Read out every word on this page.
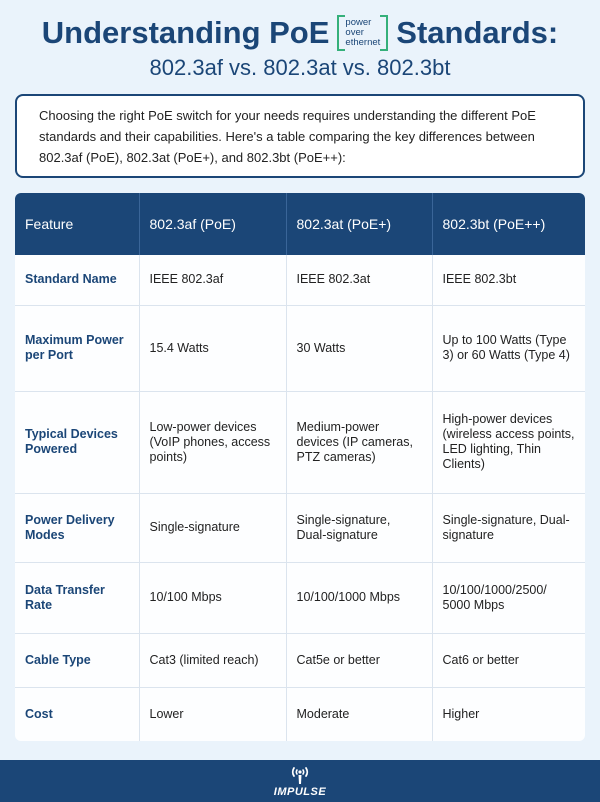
Understanding PoE power
over
ethernet Standards:
802.3af vs. 802.3at vs. 802.3bt
Choosing the right PoE switch for your needs requires understanding the different PoE standards and their capabilities. Here's a table comparing the key differences between 802.3af (PoE), 802.3at (PoE+), and 802.3bt (PoE++):
Feature	802.3af (PoE)	802.3at (PoE+)	802.3bt (PoE++)
Standard Name	IEEE 802.3af	IEEE 802.3at	IEEE 802.3bt
Maximum Power per Port	15.4 Watts	30 Watts	Up to 100 Watts (Type 3) or 60 Watts (Type 4)
Typical Devices Powered	Low-power devices (VoIP phones, access points)	Medium-power devices (IP cameras, PTZ cameras)	High-power devices (wireless access points, LED lighting, Thin Clients)
Power Delivery Modes	Single-signature	Single-signature, Dual-signature	Single-signature, Dual-signature
Data Transfer Rate	10/100 Mbps	10/100/1000 Mbps	10/100/1000/2500/ 5000 Mbps
Cable Type	Cat3 (limited reach)	Cat5e or better	Cat6 or better
Cost	Lower	Moderate	Higher
IMPULSE
